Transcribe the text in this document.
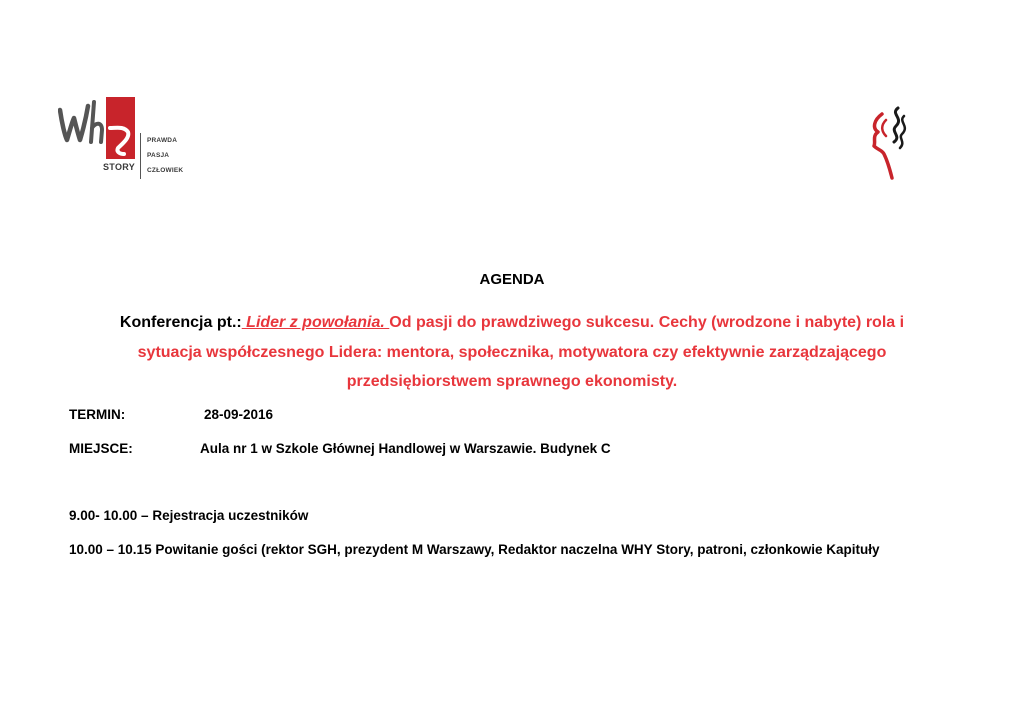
STORY
PRAWDA
PASJA
CZŁOWIEK
AGENDA
Konferencja pt.: Lider z powołania. Od pasji do prawdziwego sukcesu. Cechy (wrodzone i nabyte) rola i
sytuacja współczesnego Lidera: mentora, społecznika, motywatora czy efektywnie zarządzającego
przedsiębiorstwem sprawnego ekonomisty.
TERMIN:	28-09-2016
MIEJSCE:	Aula nr 1 w Szkole Głównej Handlowej w Warszawie. Budynek C
9.00- 10.00 – Rejestracja uczestników
10.00 – 10.15 Powitanie gości (rektor SGH, prezydent M Warszawy, Redaktor naczelna WHY Story, patroni, członkowie Kapituły
